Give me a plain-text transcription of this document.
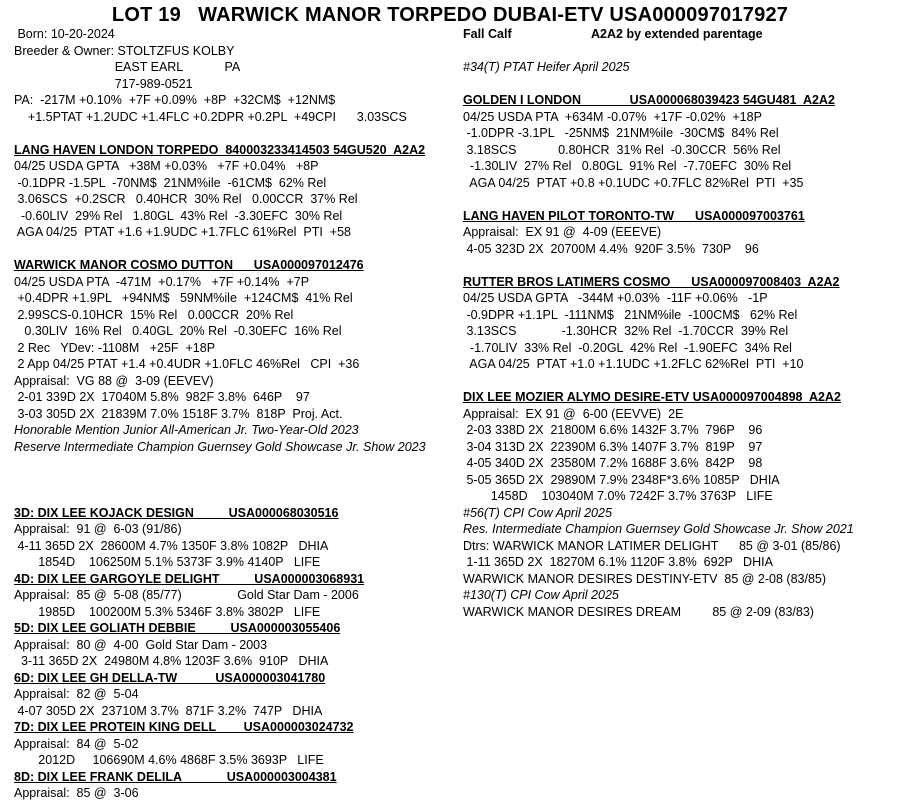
LOT 19   WARWICK MANOR TORPEDO DUBAI-ETV USA000097017927
Born: 10-20-2024
Breeder & Owner: STOLTZFUS KOLBY
EAST EARL            PA
717-989-0521
PA:  -217M +0.10%  +7F +0.09%  +8P  +32CM$  +12NM$
+1.5PTAT +1.2UDC +1.4FLC +0.2DPR +0.2PL  +49CPI      3.03SCS
LANG HAVEN LONDON TORPEDO  840003233414503 54GU520  A2A2
04/25 USDA GPTA   +38M +0.03%   +7F +0.04%   +8P
-0.1DPR -1.5PL  -70NM$  21NM%ile  -61CM$  62% Rel
3.06SCS  +0.2SCR   0.40HCR  30% Rel   0.00CCR  37% Rel
-0.60LIV  29% Rel   1.80GL  43% Rel  -3.30EFC  30% Rel
AGA 04/25  PTAT +1.6 +1.9UDC +1.7FLC 61%Rel  PTI  +58
WARWICK MANOR COSMO DUTTON      USA000097012476
04/25 USDA PTA  -471M  +0.17%   +7F +0.14%  +7P
+0.4DPR +1.9PL   +94NM$   59NM%ile  +124CM$  41% Rel
2.99SCS-0.10HCR  15% Rel   0.00CCR  20% Rel
0.30LIV  16% Rel   0.40GL  20% Rel  -0.30EFC  16% Rel
2 Rec   YDev: -1108M   +25F  +18P
2 App 04/25 PTAT +1.4 +0.4UDR +1.0FLC 46%Rel   CPI  +36
Appraisal:  VG 88 @  3-09 (EEVEV)
2-01 339D 2X  17040M 5.8%  982F 3.8%  646P    97
3-03 305D 2X  21839M 7.0% 1518F 3.7%  818P  Proj. Act.
Honorable Mention Junior All-American Jr. Two-Year-Old 2023
Reserve Intermediate Champion Guernsey Gold Showcase Jr. Show 2023
3D: DIX LEE KOJACK DESIGN          USA000068030516
Appraisal:  91 @  6-03 (91/86)
4-11 365D 2X  28600M 4.7% 1350F 3.8% 1082P   DHIA
1854D    106250M 5.1% 5373F 3.9% 4140P   LIFE
4D: DIX LEE GARGOYLE DELIGHT          USA000003068931
Appraisal:  85 @  5-08 (85/77)                Gold Star Dam - 2006
1985D    100200M 5.3% 5346F 3.8% 3802P   LIFE
5D: DIX LEE GOLIATH DEBBIE          USA000003055406
Appraisal:  80 @  4-00  Gold Star Dam - 2003
3-11 365D 2X  24980M 4.8% 1203F 3.6%  910P   DHIA
6D: DIX LEE GH DELLA-TW           USA000003041780
Appraisal:  82 @  5-04
4-07 305D 2X  23710M 3.7%  871F 3.2%  747P   DHIA
7D: DIX LEE PROTEIN KING DELL        USA000003024732
Appraisal:  84 @  5-02
2012D     106690M 4.6% 4868F 3.5% 3693P   LIFE
8D: DIX LEE FRANK DELILA             USA000003004381
Appraisal:  85 @  3-06
Fall Calf                       A2A2 by extended parentage
#34(T) PTAT Heifer April 2025
GOLDEN I LONDON              USA000068039423 54GU481  A2A2
04/25 USDA PTA  +634M -0.07%  +17F -0.02%  +18P
-1.0DPR -3.1PL   -25NM$  21NM%ile  -30CM$  84% Rel
3.18SCS            0.80HCR  31% Rel  -0.30CCR  56% Rel
-1.30LIV  27% Rel   0.80GL  91% Rel  -7.70EFC  30% Rel
AGA 04/25  PTAT +0.8 +0.1UDC +0.7FLC 82%Rel  PTI  +35
LANG HAVEN PILOT TORONTO-TW      USA000097003761
Appraisal:  EX 91 @  4-09 (EEEVE)
4-05 323D 2X  20700M 4.4%  920F 3.5%  730P    96
RUTTER BROS LATIMERS COSMO      USA000097008403  A2A2
04/25 USDA GPTA   -344M +0.03%  -11F +0.06%   -1P
-0.9DPR +1.1PL  -111NM$   21NM%ile  -100CM$   62% Rel
3.13SCS             -1.30HCR  32% Rel  -1.70CCR  39% Rel
-1.70LIV  33% Rel  -0.20GL  42% Rel  -1.90EFC  34% Rel
AGA 04/25  PTAT +1.0 +1.1UDC +1.2FLC 62%Rel  PTI  +10
DIX LEE MOZIER ALYMO DESIRE-ETV USA000097004898  A2A2
Appraisal:  EX 91 @  6-00 (EEVVE)  2E
2-03 338D 2X  21800M 6.6% 1432F 3.7%  796P    96
3-04 313D 2X  22390M 6.3% 1407F 3.7%  819P    97
4-05 340D 2X  23580M 7.2% 1688F 3.6%  842P    98
5-05 365D 2X  29890M 7.9% 2348F*3.6% 1085P   DHIA
1458D    103040M 7.0% 7242F 3.7% 3763P   LIFE
#56(T) CPI Cow April 2025
Res. Intermediate Champion Guernsey Gold Showcase Jr. Show 2021
Dtrs: WARWICK MANOR LATIMER DELIGHT      85 @ 3-01 (85/86)
1-11 365D 2X  18270M 6.1% 1120F 3.8%  692P   DHIA
WARWICK MANOR DESIRES DESTINY-ETV  85 @ 2-08 (83/85)
#130(T) CPI Cow April 2025
WARWICK MANOR DESIRES DREAM         85 @ 2-09 (83/83)
